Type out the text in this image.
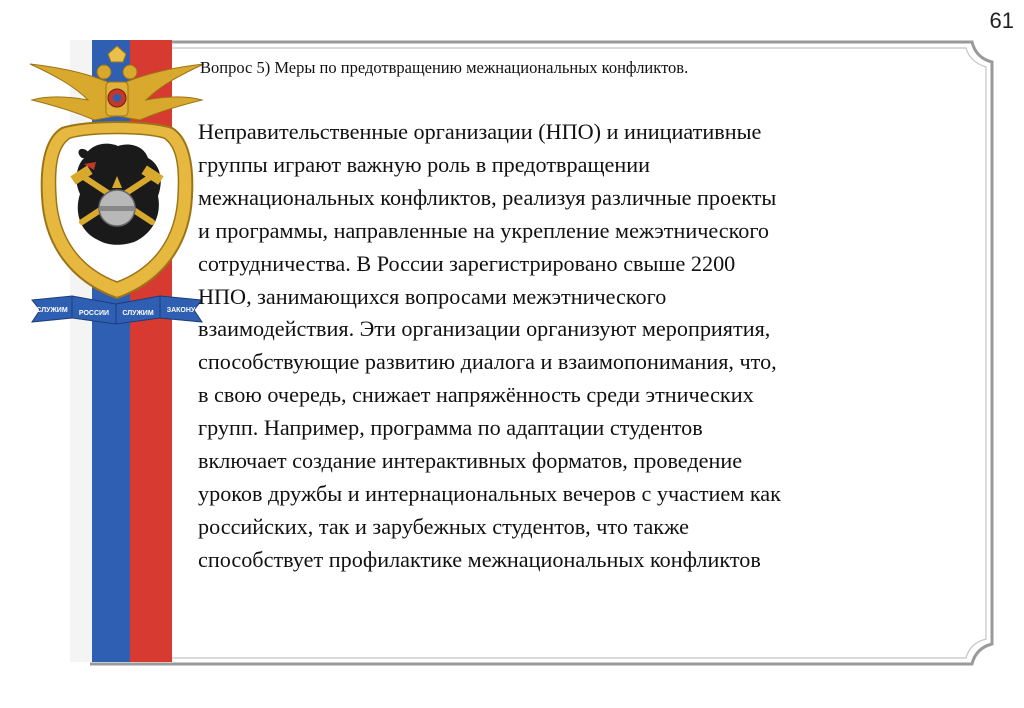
61
СЛУЖИМ РОССИИ СЛУЖИМ ЗАКОНУ
Вопрос 5) Меры по предотвращению межнациональных конфликтов.
Неправительственные организации (НПО) и инициативные
группы играют важную роль в предотвращении
межнациональных конфликтов, реализуя различные проекты
и программы, направленные на укрепление межэтнического
сотрудничества. В России зарегистрировано свыше 2200
НПО, занимающихся вопросами межэтнического
взаимодействия. Эти организации организуют мероприятия,
способствующие развитию диалога и взаимопонимания, что,
в свою очередь, снижает напряжённость среди этнических
групп. Например, программа по адаптации студентов
включает создание интерактивных форматов, проведение
уроков дружбы и интернациональных вечеров с участием как
российских, так и зарубежных студентов, что также
способствует профилактике межнациональных конфликтов
